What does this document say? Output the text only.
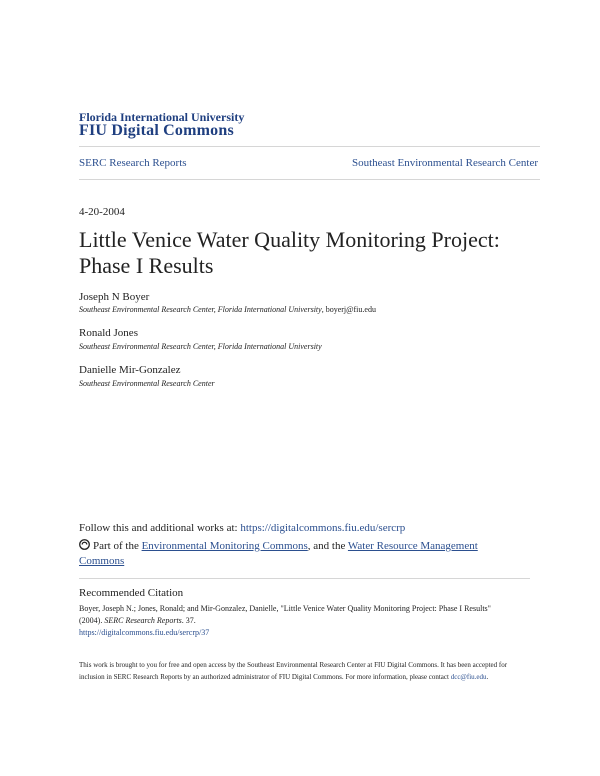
Florida International University
FIU Digital Commons
SERC Research Reports	Southeast Environmental Research Center
4-20-2004
Little Venice Water Quality Monitoring Project:
Phase I Results
Joseph N Boyer
Southeast Environmental Research Center, Florida International University, boyerj@fiu.edu
Ronald Jones
Southeast Environmental Research Center, Florida International University
Danielle Mir-Gonzalez
Southeast Environmental Research Center
Follow this and additional works at: https://digitalcommons.fiu.edu/sercrp
Part of the Environmental Monitoring Commons, and the Water Resource Management Commons
Recommended Citation
Boyer, Joseph N.; Jones, Ronald; and Mir-Gonzalez, Danielle, "Little Venice Water Quality Monitoring Project: Phase I Results"
(2004). SERC Research Reports. 37.
https://digitalcommons.fiu.edu/sercrp/37
This work is brought to you for free and open access by the Southeast Environmental Research Center at FIU Digital Commons. It has been accepted for inclusion in SERC Research Reports by an authorized administrator of FIU Digital Commons. For more information, please contact dcc@fiu.edu.
